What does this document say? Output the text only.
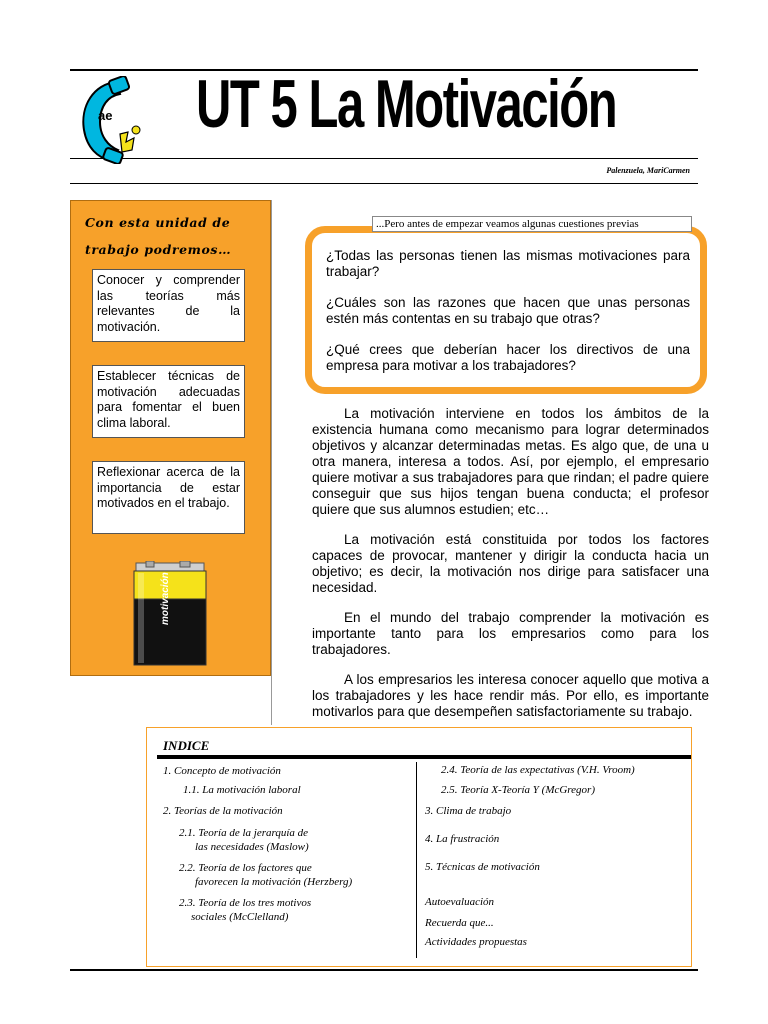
ae UT 5 La Motivación
Palenzuela, MariCarmen
Con esta unidad de trabajo podremos…
Conocer y comprender las teorías más relevantes de la motivación.
Establecer técnicas de motivación adecuadas para fomentar el buen clima laboral.
Reflexionar acerca de la importancia de estar motivados en el trabajo.
motivación
¿Todas las personas tienen las mismas motivaciones para trabajar?
¿Cuáles son las razones que hacen que unas personas estén más contentas en su trabajo que otras?
¿Qué crees que deberían hacer los directivos de una empresa para motivar a los trabajadores?
...Pero antes de empezar veamos algunas cuestiones previas

La motivación interviene en todos los ámbitos de la existencia humana como mecanismo para lograr determinados objetivos y alcanzar determinadas metas. Es algo que, de una u otra manera, interesa a todos. Así, por ejemplo, el empresario quiere motivar a sus trabajadores para que rindan; el padre quiere conseguir que sus hijos tengan buena conducta; el profesor quiere que sus alumnos estudien; etc…

La motivación está constituida por todos los factores capaces de provocar, mantener y dirigir la conducta hacia un objetivo; es decir, la motivación nos dirige para satisfacer una necesidad.

En el mundo del trabajo comprender la motivación es importante tanto para los empresarios como para los trabajadores.

A los empresarios les interesa conocer aquello que motiva a los trabajadores y les hace rendir más. Por ello, es importante motivarlos para que desempeñen satisfactoriamente su trabajo.

INDICE
1. Concepto de motivación
1.1. La motivación laboral
2. Teorías de la motivación
2.1. Teoría de la jerarquía de
las necesidades (Maslow)
2.2. Teoría de los factores que
favorecen la motivación (Herzberg)
2.3. Teoría de los tres motivos
sociales (McClelland)
2.4. Teoría de las expectativas (V.H. Vroom)
2.5. Teoría X-Teoría Y (McGregor)
3. Clima de trabajo
4. La frustración
5. Técnicas de motivación
Autoevaluación
Recuerda que...
Actividades propuestas
